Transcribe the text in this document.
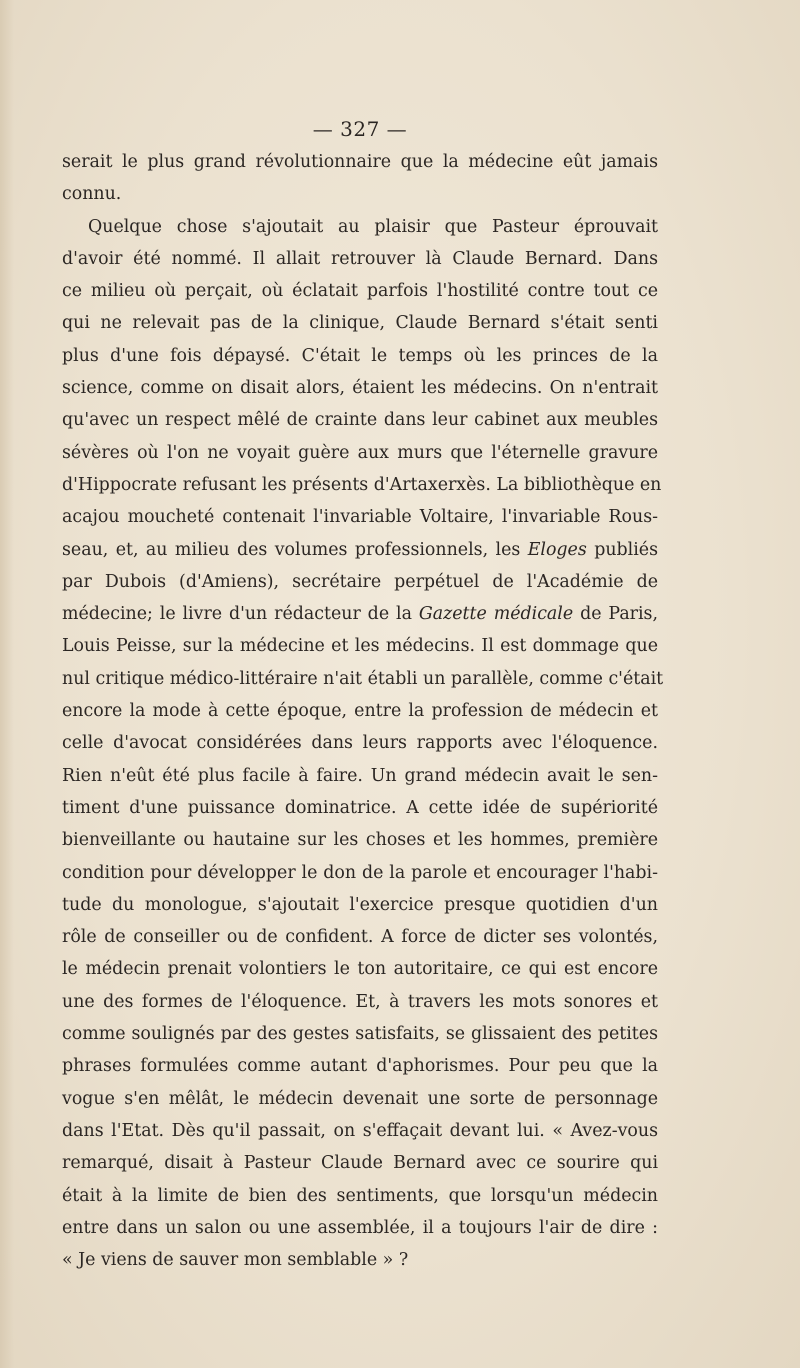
— 327 —
serait le plus grand révolutionnaire que la médecine eût jamais
connu.
Quelque chose s'ajoutait au plaisir que Pasteur éprouvait
d'avoir été nommé. Il allait retrouver là Claude Bernard. Dans
ce milieu où perçait, où éclatait parfois l'hostilité contre tout ce
qui ne relevait pas de la clinique, Claude Bernard s'était senti
plus d'une fois dépaysé. C'était le temps où les princes de la
science, comme on disait alors, étaient les médecins. On n'entrait
qu'avec un respect mêlé de crainte dans leur cabinet aux meubles
sévères où l'on ne voyait guère aux murs que l'éternelle gravure
d'Hippocrate refusant les présents d'Artaxerxès. La bibliothèque en
acajou moucheté contenait l'invariable Voltaire, l'invariable Rous-
seau, et, au milieu des volumes professionnels, les Eloges publiés
par Dubois (d'Amiens), secrétaire perpétuel de l'Académie de
médecine; le livre d'un rédacteur de la Gazette médicale de Paris,
Louis Peisse, sur la médecine et les médecins. Il est dommage que
nul critique médico-littéraire n'ait établi un parallèle, comme c'était
encore la mode à cette époque, entre la profession de médecin et
celle d'avocat considérées dans leurs rapports avec l'éloquence.
Rien n'eût été plus facile à faire. Un grand médecin avait le sen-
timent d'une puissance dominatrice. A cette idée de supériorité
bienveillante ou hautaine sur les choses et les hommes, première
condition pour développer le don de la parole et encourager l'habi-
tude du monologue, s'ajoutait l'exercice presque quotidien d'un
rôle de conseiller ou de confident. A force de dicter ses volontés,
le médecin prenait volontiers le ton autoritaire, ce qui est encore
une des formes de l'éloquence. Et, à travers les mots sonores et
comme soulignés par des gestes satisfaits, se glissaient des petites
phrases formulées comme autant d'aphorismes. Pour peu que la
vogue s'en mêlât, le médecin devenait une sorte de personnage
dans l'Etat. Dès qu'il passait, on s'effaçait devant lui. « Avez-vous
remarqué, disait à Pasteur Claude Bernard avec ce sourire qui
était à la limite de bien des sentiments, que lorsqu'un médecin
entre dans un salon ou une assemblée, il a toujours l'air de dire :
« Je viens de sauver mon semblable » ?
